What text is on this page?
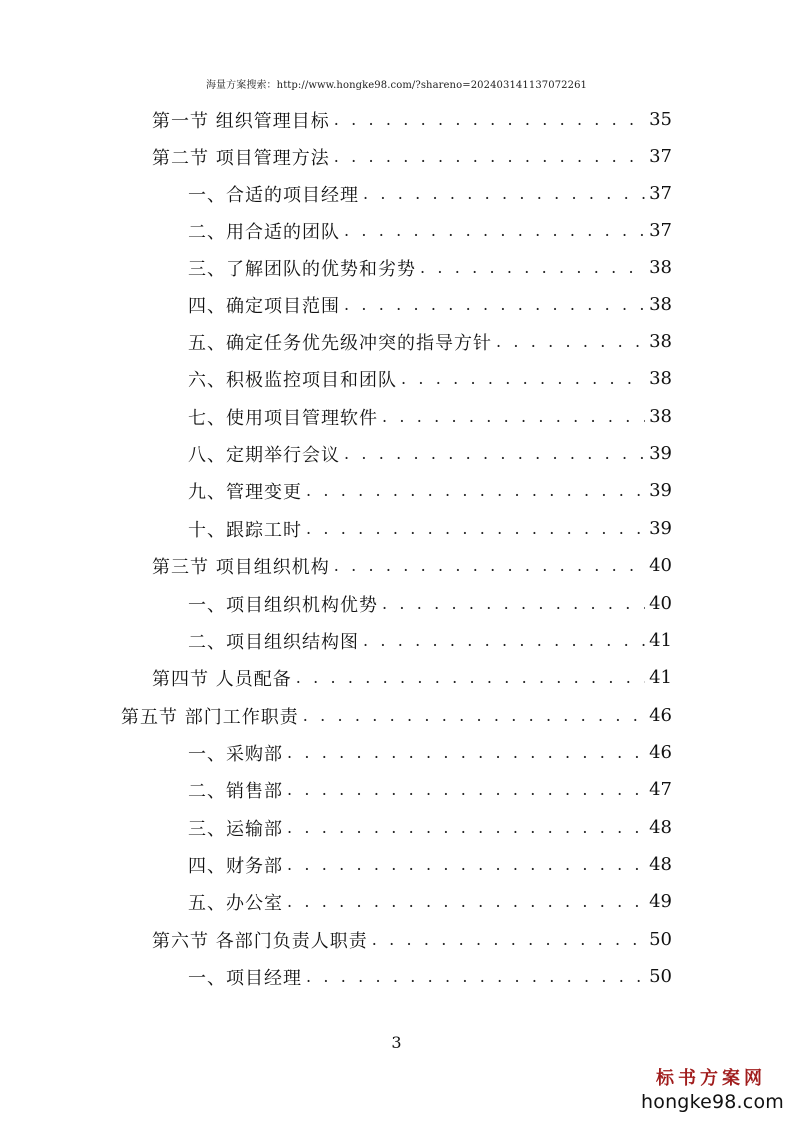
海量方案搜索：http://www.hongke98.com/?shareno=202403141137072261
第一节 组织管理目标 . . .	35
第二节 项目管理方法 . . .	37
一、合适的项目经理 . . .	37
二、用合适的团队 . . .	37
三、了解团队的优势和劣势 . . .	38
四、确定项目范围 . . .	38
五、确定任务优先级冲突的指导方针 . . .	38
六、积极监控项目和团队 . . .	38
七、使用项目管理软件 . . .	38
八、定期举行会议 . . .	39
九、管理变更 . . .	39
十、跟踪工时 . . .	39
第三节 项目组织机构 . . .	40
一、项目组织机构优势 . . .	40
二、项目组织结构图 . . .	41
第四节 人员配备 . . .	41
第五节 部门工作职责 . . .	46
一、采购部 . . .	46
二、销售部 . . .	47
三、运输部 . . .	48
四、财务部 . . .	48
五、办公室 . . .	49
第六节 各部门负责人职责 . . .	50
一、项目经理 . . .	50
3
标书方案网
hongke98.com
